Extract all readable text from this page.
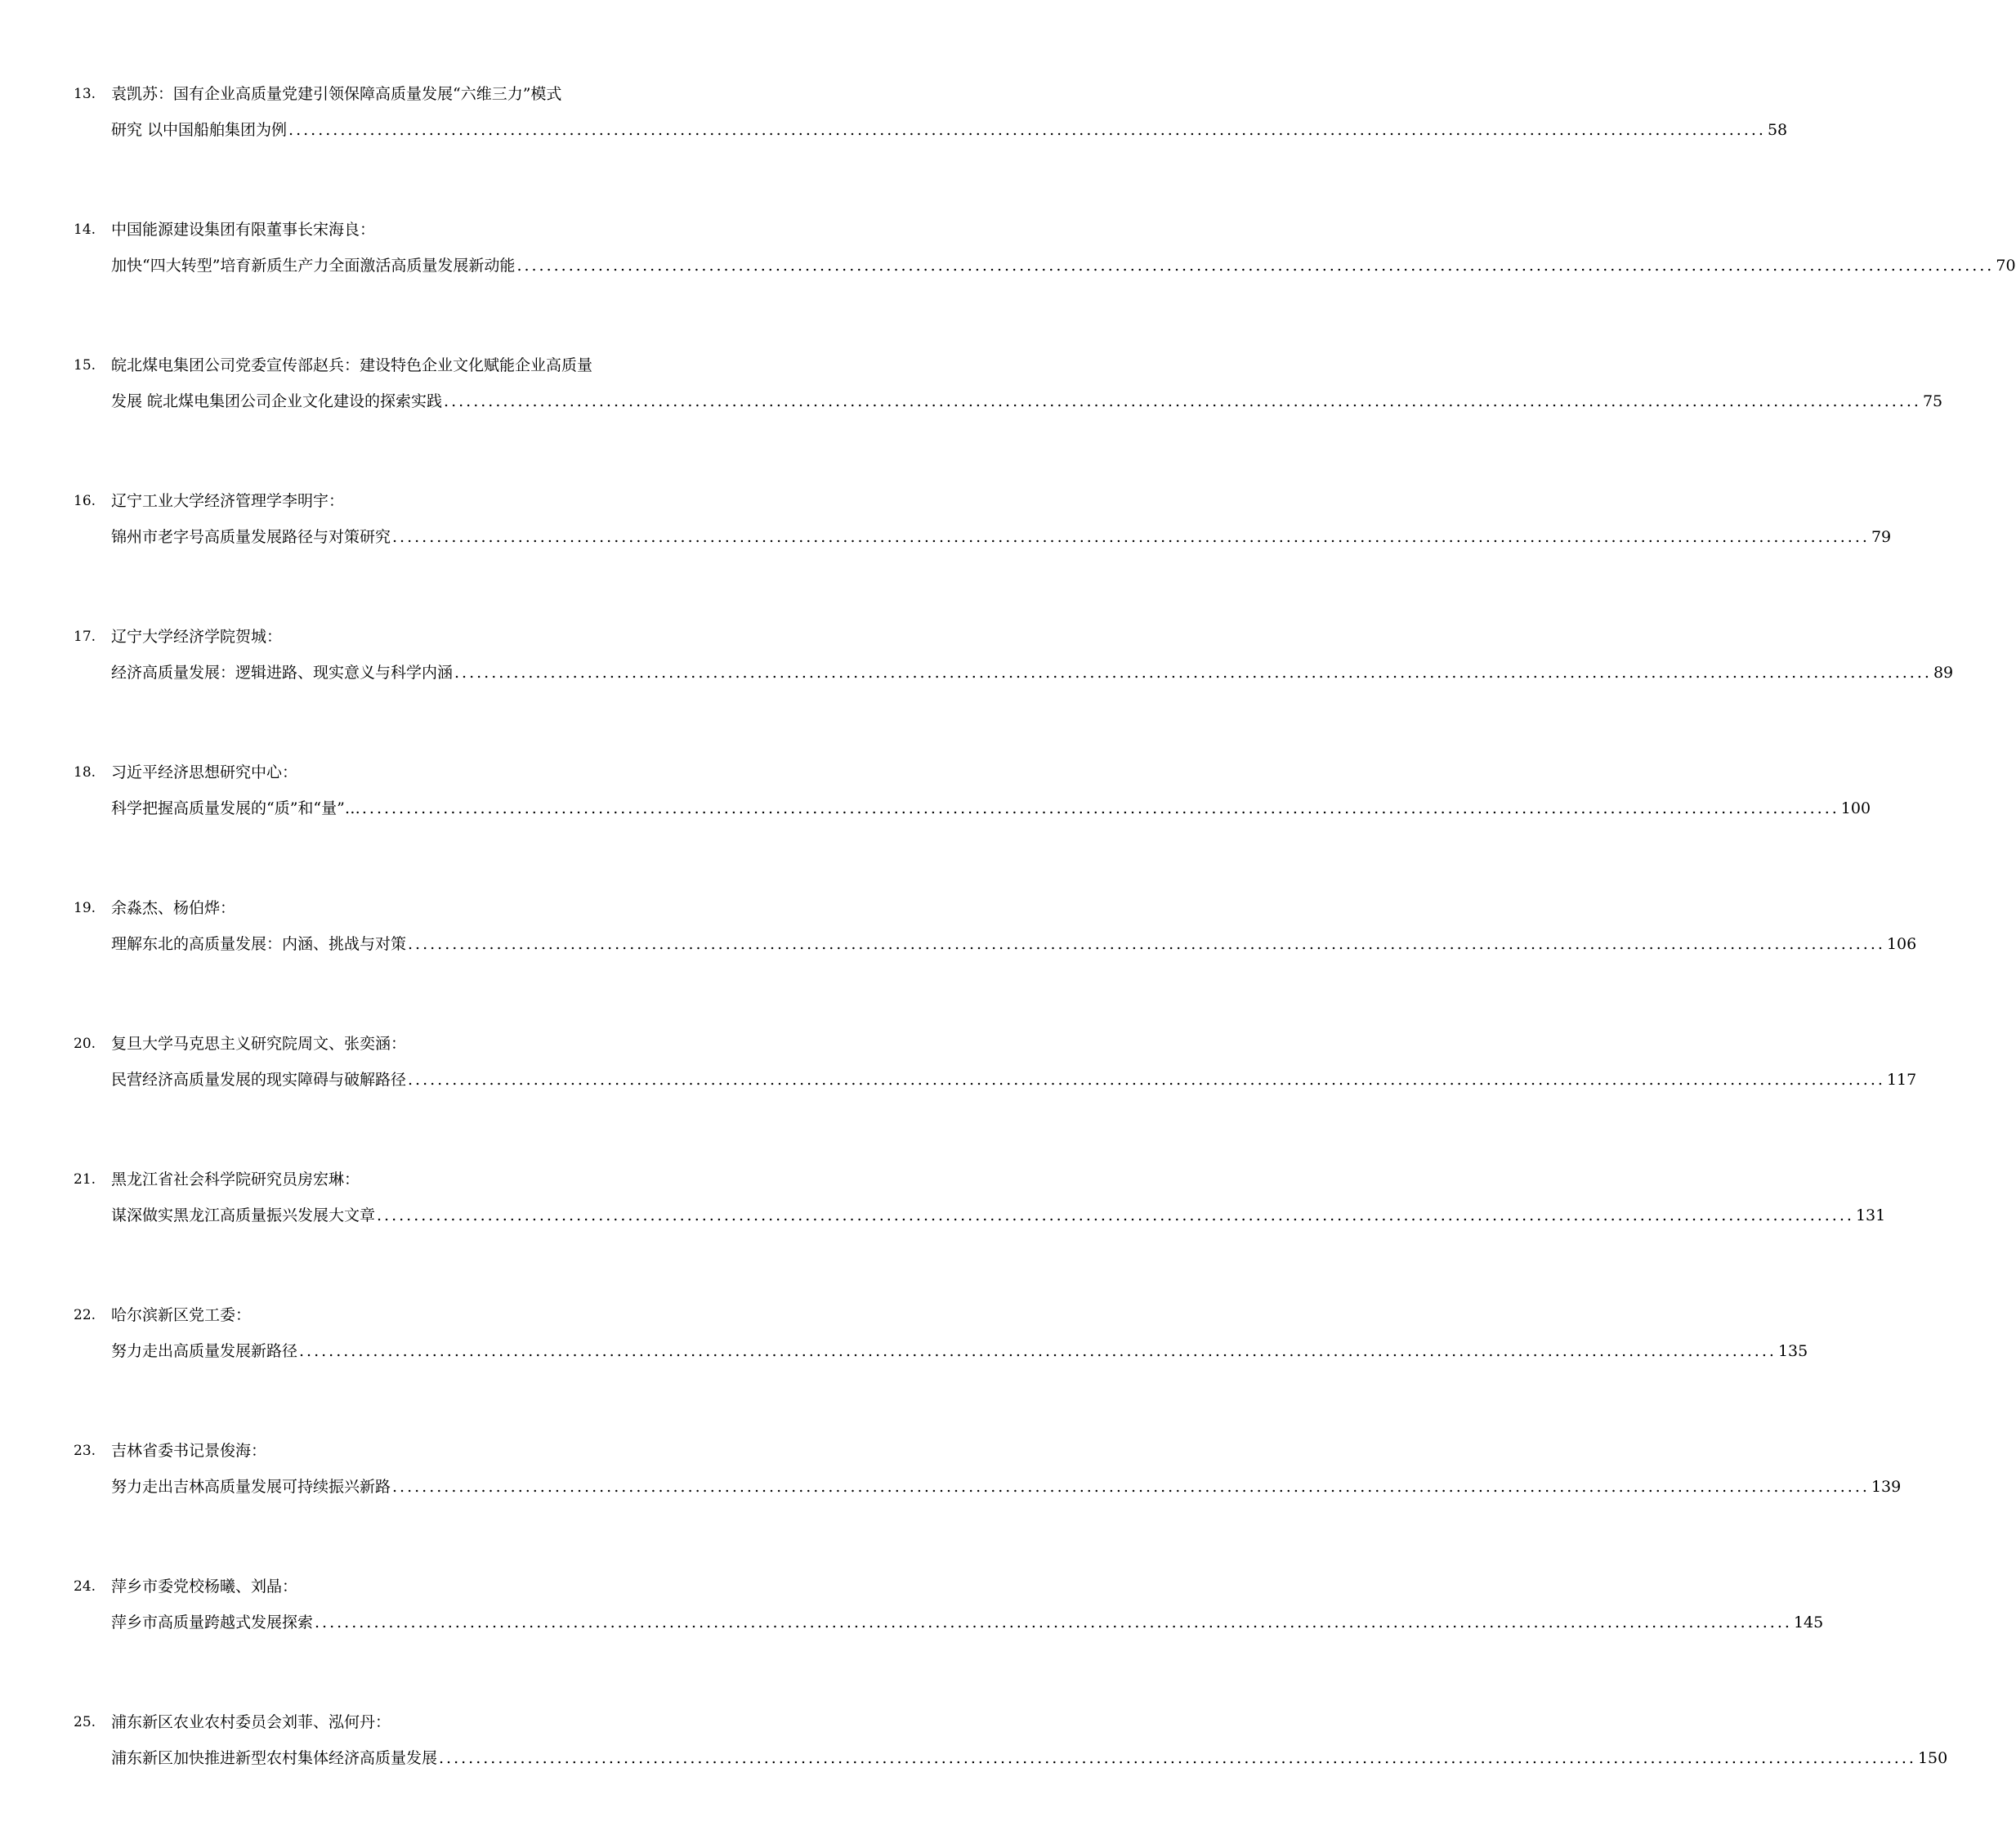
13. 袁凯苏：国有企业高质量党建引领保障高质量发展“六维三力”模式
研究 以中国船舶集团为例 ........................................................................................................................................................................................................ 58
14. 中国能源建设集团有限董事长宋海良：
加快“四大转型”培育新质生产力全面激活高质量发展新动能 ........................................................................................................................................................................................................ 70
15. 皖北煤电集团公司党委宣传部赵兵：建设特色企业文化赋能企业高质量
发展 皖北煤电集团公司企业文化建设的探索实践 ........................................................................................................................................................................................................ 75
16. 辽宁工业大学经济管理学李明宇：
锦州市老字号高质量发展路径与对策研究 ........................................................................................................................................................................................................ 79
17. 辽宁大学经济学院贺城：
经济高质量发展：逻辑进路、现实意义与科学内涵 ........................................................................................................................................................................................................ 89
18. 习近平经济思想研究中心：
科学把握高质量发展的“质”和“量”… ........................................................................................................................................................................................................ 100
19. 余淼杰、杨伯烨：
理解东北的高质量发展：内涵、挑战与对策 ........................................................................................................................................................................................................ 106
20. 复旦大学马克思主义研究院周文、张奕涵：
民营经济高质量发展的现实障碍与破解路径 ........................................................................................................................................................................................................ 117
21. 黑龙江省社会科学院研究员房宏琳：
谋深做实黑龙江高质量振兴发展大文章 ........................................................................................................................................................................................................ 131
22. 哈尔滨新区党工委：
努力走出高质量发展新路径 ........................................................................................................................................................................................................ 135
23. 吉林省委书记景俊海：
努力走出吉林高质量发展可持续振兴新路 ........................................................................................................................................................................................................ 139
24. 萍乡市委党校杨曦、刘晶：
萍乡市高质量跨越式发展探索 ........................................................................................................................................................................................................ 145
25. 浦东新区农业农村委员会刘菲、泓何丹：
浦东新区加快推进新型农村集体经济高质量发展 ........................................................................................................................................................................................................ 150
